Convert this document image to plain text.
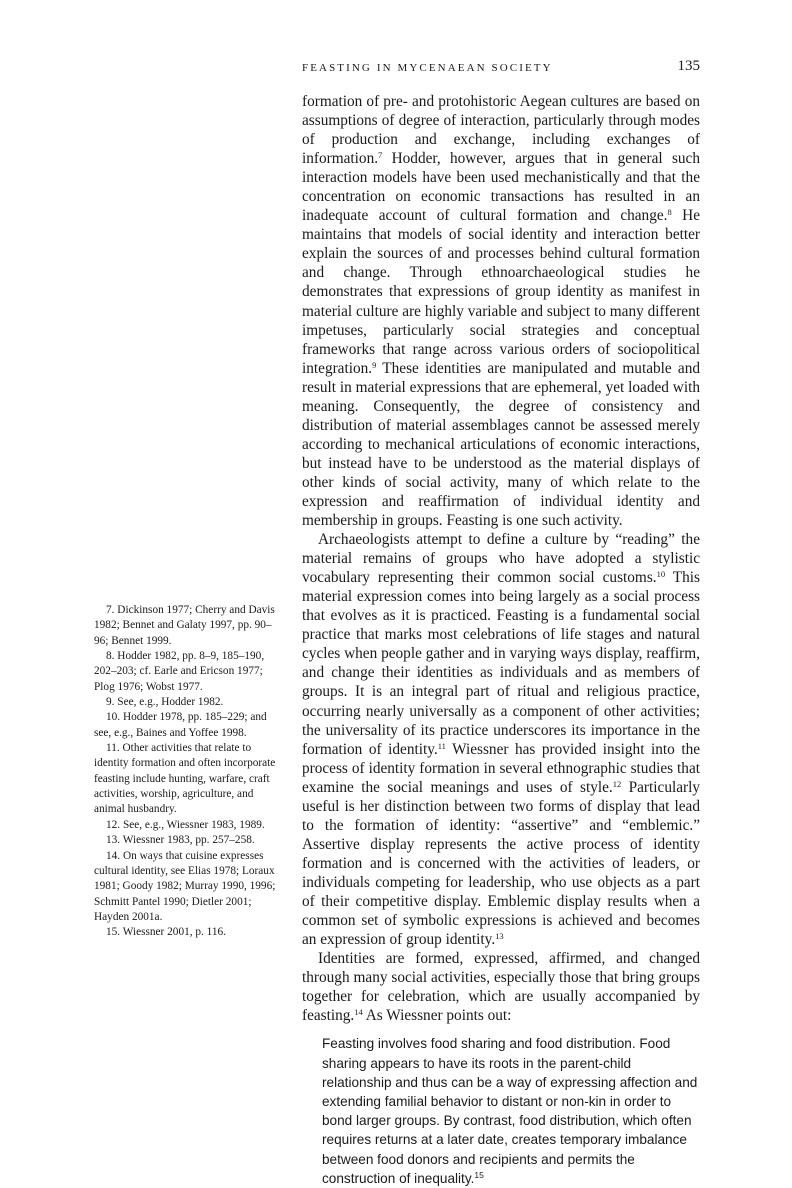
FEASTING IN MYCENAEAN SOCIETY	135

formation of pre- and protohistoric Aegean cultures are based on assumptions of degree of interaction, particularly through modes of production and exchange, including exchanges of information.$^7$ Hodder, however, argues that in general such interaction models have been used mechanistically and that the concentration on economic transactions has resulted in an inadequate account of cultural formation and change.$^8$ He maintains that models of social identity and interaction better explain the sources of and processes behind cultural formation and change. Through ethnoarchaeological studies he demonstrates that expressions of group identity as manifest in material culture are highly variable and subject to many different impetuses, particularly social strategies and conceptual frameworks that range across various orders of sociopolitical integration.$^9$ These identities are manipulated and mutable and result in material expressions that are ephemeral, yet loaded with meaning. Consequently, the degree of consistency and distribution of material assemblages cannot be assessed merely according to mechanical articulations of economic interactions, but instead have to be understood as the material displays of other kinds of social activity, many of which relate to the expression and reaffirmation of individual identity and membership in groups. Feasting is one such activity.

Archaeologists attempt to define a culture by “reading” the material remains of groups who have adopted a stylistic vocabulary representing their common social customs.$^{10}$ This material expression comes into being largely as a social process that evolves as it is practiced. Feasting is a fundamental social practice that marks most celebrations of life stages and natural cycles when people gather and in varying ways display, reaffirm, and change their identities as individuals and as members of groups. It is an integral part of ritual and religious practice, occurring nearly universally as a component of other activities; the universality of its practice underscores its importance in the formation of identity.$^{11}$ Wiessner has provided insight into the process of identity formation in several ethnographic studies that examine the social meanings and uses of style.$^{12}$ Particularly useful is her distinction between two forms of display that lead to the formation of identity: “assertive” and “emblemic.” Assertive display represents the active process of identity formation and is concerned with the activities of leaders, or individuals competing for leadership, who use objects as a part of their competitive display. Emblemic display results when a common set of symbolic expressions is achieved and becomes an expression of group identity.$^{13}$

Identities are formed, expressed, affirmed, and changed through many social activities, especially those that bring groups together for celebration, which are usually accompanied by feasting.$^{14}$ As Wiessner points out:

Feasting involves food sharing and food distribution. Food sharing appears to have its roots in the parent-child relationship and thus can be a way of expressing affection and extending familial behavior to distant or non-kin in order to bond larger groups. By contrast, food distribution, which often requires returns at a later date, creates temporary imbalance between food donors and recipients and permits the construction of inequality.$^{15}$

7. Dickinson 1977; Cherry and Davis 1982; Bennet and Galaty 1997, pp. 90–96; Bennet 1999.
8. Hodder 1982, pp. 8–9, 185–190, 202–203; cf. Earle and Ericson 1977; Plog 1976; Wobst 1977.
9. See, e.g., Hodder 1982.
10. Hodder 1978, pp. 185–229; and see, e.g., Baines and Yoffee 1998.
11. Other activities that relate to identity formation and often incorporate feasting include hunting, warfare, craft activities, worship, agriculture, and animal husbandry.
12. See, e.g., Wiessner 1983, 1989.
13. Wiessner 1983, pp. 257–258.
14. On ways that cuisine expresses cultural identity, see Elias 1978; Loraux 1981; Goody 1982; Murray 1990, 1996; Schmitt Pantel 1990; Dietler 2001; Hayden 2001a.
15. Wiessner 2001, p. 116.
